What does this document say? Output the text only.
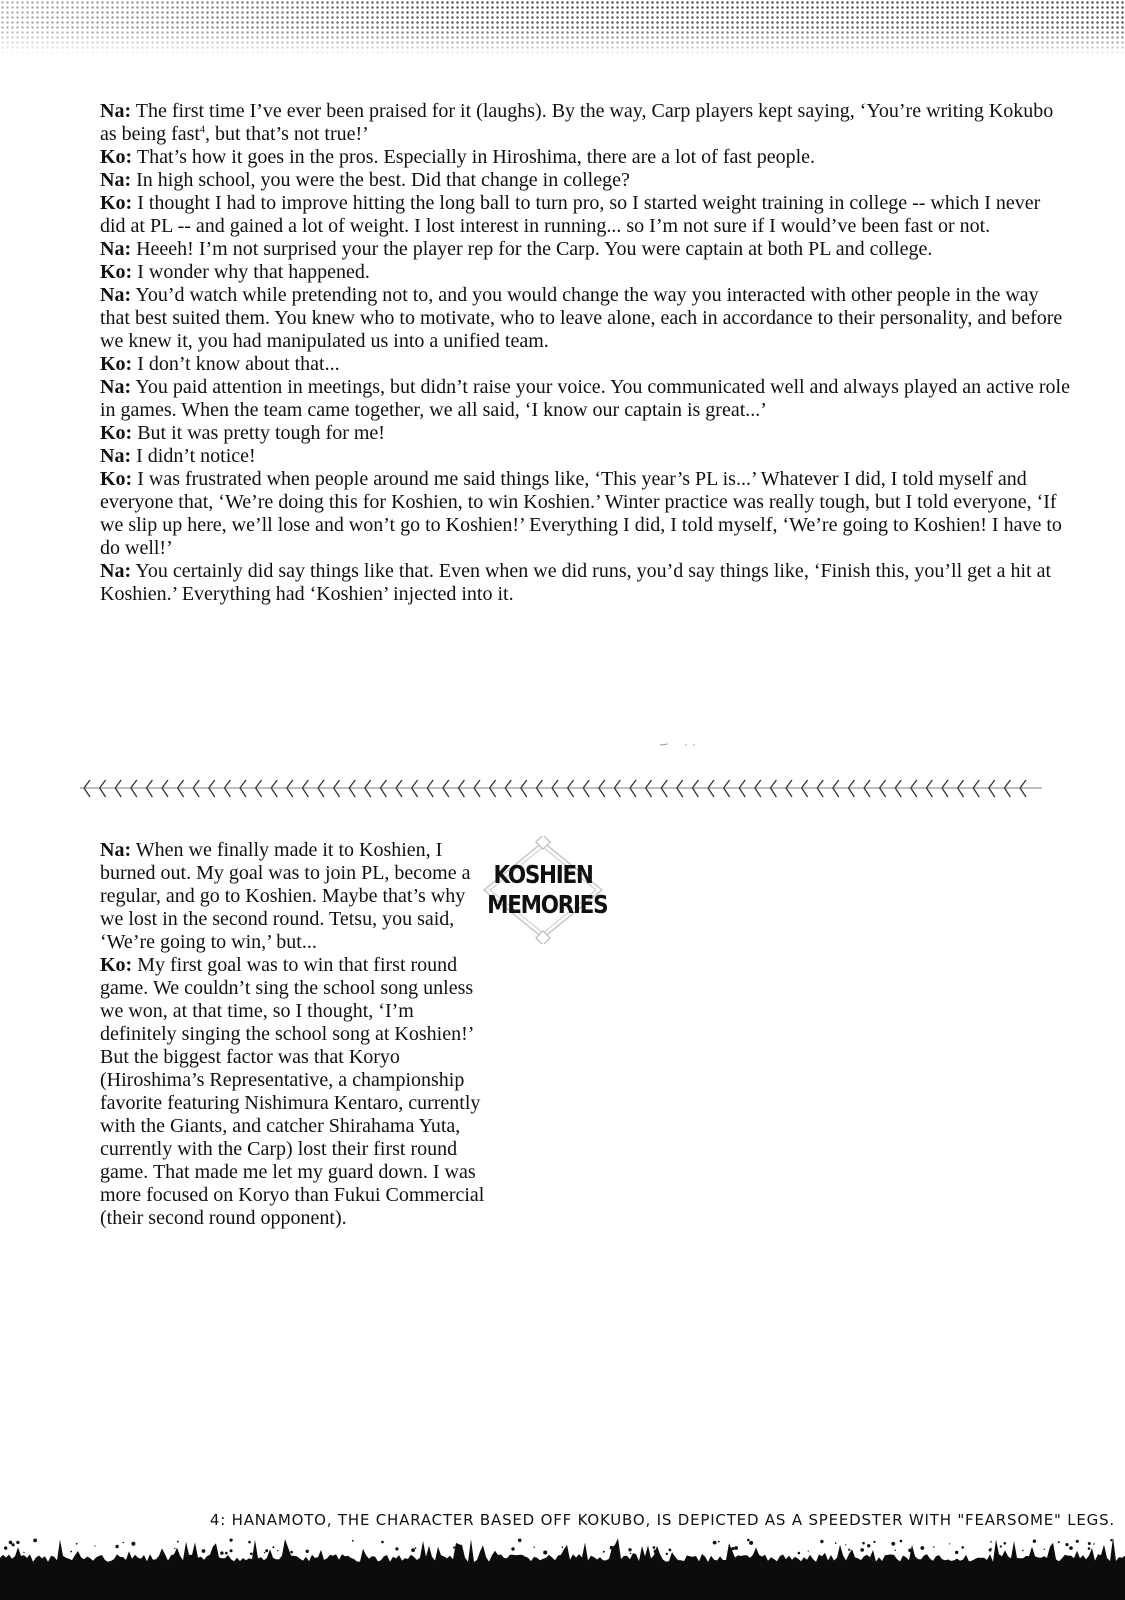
Na: The first time I’ve ever been praised for it (laughs). By the way, Carp players kept saying, ‘You’re writing Kokubo as being fast$^4$, but that’s not true!’

Ko: That’s how it goes in the pros. Especially in Hiroshima, there are a lot of fast people.

Na: In high school, you were the best. Did that change in college?

Ko: I thought I had to improve hitting the long ball to turn pro, so I started weight training in college -- which I never did at PL -- and gained a lot of weight. I lost interest in running... so I’m not sure if I would’ve been fast or not.

Na: Heeeh! I’m not surprised your the player rep for the Carp. You were captain at both PL and college.

Ko: I wonder why that happened.

Na: You’d watch while pretending not to, and you would change the way you interacted with other people in the way that best suited them. You knew who to motivate, who to leave alone, each in accordance to their personality, and before we knew it, you had manipulated us into a unified team.

Ko: I don’t know about that...

Na: You paid attention in meetings, but didn’t raise your voice. You communicated well and always played an active role in games. When the team came together, we all said, ‘I know our captain is great...’

Ko: But it was pretty tough for me!

Na: I didn’t notice!

Ko: I was frustrated when people around me said things like, ‘This year’s PL is...’ Whatever I did, I told myself and everyone that, ‘We’re doing this for Koshien, to win Koshien.’ Winter practice was really tough, but I told everyone, ‘If we slip up here, we’ll lose and won’t go to Koshien!’ Everything I did, I told myself, ‘We’re going to Koshien! I have to do well!’

Na: You certainly did say things like that. Even when we did runs, you’d say things like, ‘Finish this, you’ll get a hit at Koshien.’ Everything had ‘Koshien’ injected into it.

Na: When we finally made it to Koshien, I burned out. My goal was to join PL, become a regular, and go to Koshien. Maybe that’s why we lost in the second round. Tetsu, you said, ‘We’re going to win,’ but...

Ko: My first goal was to win that first round game. We couldn’t sing the school song unless we won, at that time, so I thought, ‘I’m definitely singing the school song at Koshien!’ But the biggest factor was that Koryo (Hiroshima’s Representative, a championship favorite featuring Nishimura Kentaro, currently with the Giants, and catcher Shirahama Yuta, currently with the Carp) lost their first round game. That made me let my guard down. I was more focused on Koryo than Fukui Commercial (their second round opponent).

KOSHIEN
MEMORIES
4: HANAMOTO, THE CHARACTER BASED OFF KOKUBO, IS DEPICTED AS A SPEEDSTER WITH "FEARSOME" LEGS.
